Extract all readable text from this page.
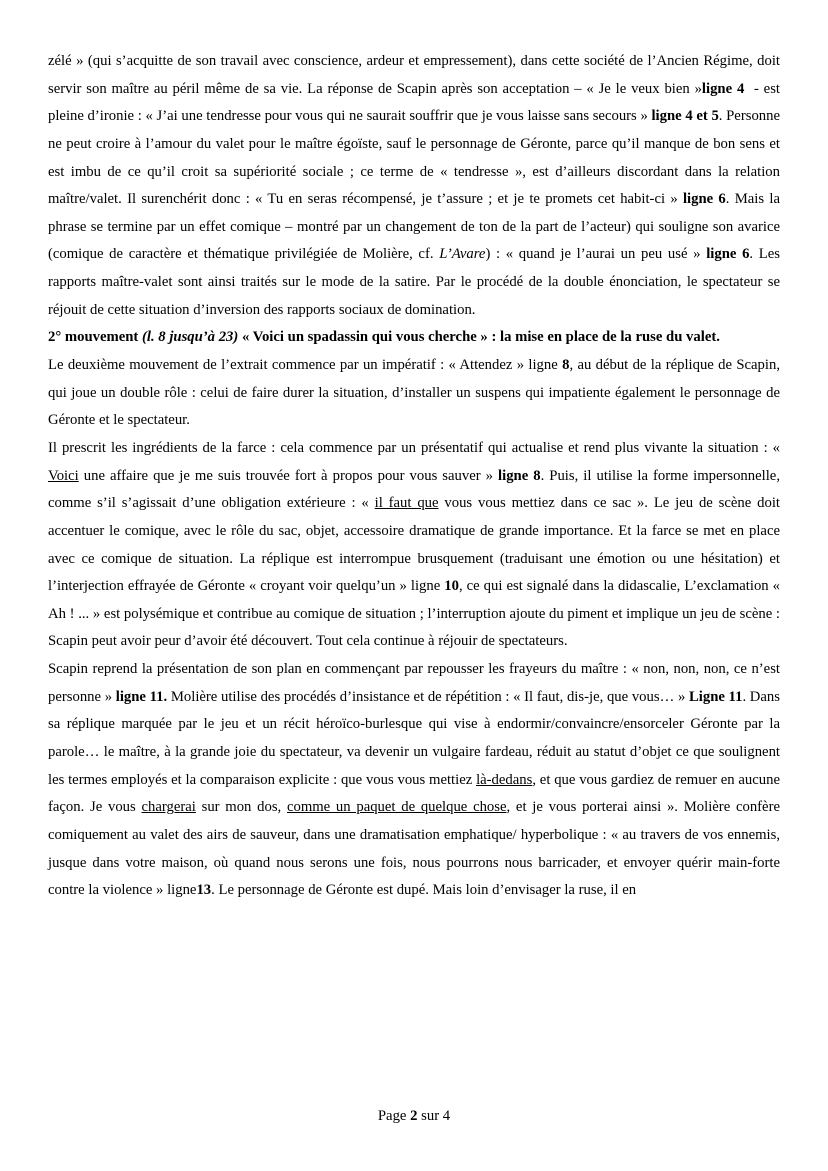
zélé » (qui s’acquitte de son travail avec conscience, ardeur et empressement), dans cette société de l’Ancien Régime, doit servir son maître au péril même de sa vie. La réponse de Scapin après son acceptation – « Je le veux bien »ligne 4  - est pleine d’ironie : « J’ai une tendresse pour vous qui ne saurait souffrir que je vous laisse sans secours » ligne 4 et 5. Personne ne peut croire à l’amour du valet pour le maître égoïste, sauf le personnage de Géronte, parce qu’il manque de bon sens et est imbu de ce qu’il croit sa supériorité sociale ; ce terme de « tendresse », est d’ailleurs discordant dans la relation maître/valet. Il surenchérit donc : « Tu en seras récompensé, je t’assure ; et je te promets cet habit-ci » ligne 6. Mais la phrase se termine par un effet comique – montré par un changement de ton de la part de l’acteur) qui souligne son avarice (comique de caractère et thématique privilégiée de Molière, cf. L’Avare) : « quand je l’aurai un peu usé » ligne 6. Les rapports maître-valet sont ainsi traités sur le mode de la satire. Par le procédé de la double énonciation, le spectateur se réjouit de cette situation d’inversion des rapports sociaux de domination.

2° mouvement (l. 8 jusqu’à 23) « Voici un spadassin qui vous cherche » : la mise en place de la ruse du valet.

Le deuxième mouvement de l’extrait commence par un impératif : « Attendez » ligne 8, au début de la réplique de Scapin, qui joue un double rôle : celui de faire durer la situation, d’installer un suspens qui impatiente également le personnage de Géronte et le spectateur.

Il prescrit les ingrédients de la farce : cela commence par un présentatif qui actualise et rend plus vivante la situation : « Voici une affaire que je me suis trouvée fort à propos pour vous sauver » ligne 8. Puis, il utilise la forme impersonnelle, comme s’il s’agissait d’une obligation extérieure : « il faut que vous vous mettiez dans ce sac ». Le jeu de scène doit accentuer le comique, avec le rôle du sac, objet, accessoire dramatique de grande importance. Et la farce se met en place avec ce comique de situation. La réplique est interrompue brusquement (traduisant une émotion ou une hésitation) et l’interjection effrayée de Géronte « croyant voir quelqu’un » ligne 10, ce qui est signalé dans la didascalie, L’exclamation « Ah ! ... » est polysémique et contribue au comique de situation ; l’interruption ajoute du piment et implique un jeu de scène : Scapin peut avoir peur d’avoir été découvert. Tout cela continue à réjouir de spectateurs.

Scapin reprend la présentation de son plan en commençant par repousser les frayeurs du maître : « non, non, non, ce n’est personne » ligne 11. Molière utilise des procédés d’insistance et de répétition : « Il faut, dis-je, que vous… » Ligne 11. Dans sa réplique marquée par le jeu et un récit héroïco-burlesque qui vise à endormir/convaincre/ensorceler Géronte par la parole… le maître, à la grande joie du spectateur, va devenir un vulgaire fardeau, réduit au statut d’objet ce que soulignent les termes employés et la comparaison explicite : que vous vous mettiez là-dedans, et que vous gardiez de remuer en aucune façon. Je vous chargerai sur mon dos, comme un paquet de quelque chose, et je vous porterai ainsi ». Molière confère comiquement au valet des airs de sauveur, dans une dramatisation emphatique/ hyperbolique : « au travers de vos ennemis, jusque dans votre maison, où quand nous serons une fois, nous pourrons nous barricader, et envoyer quérir main-forte contre la violence » ligne13. Le personnage de Géronte est dupé. Mais loin d’envisager la ruse, il en

Page 2 sur 4
